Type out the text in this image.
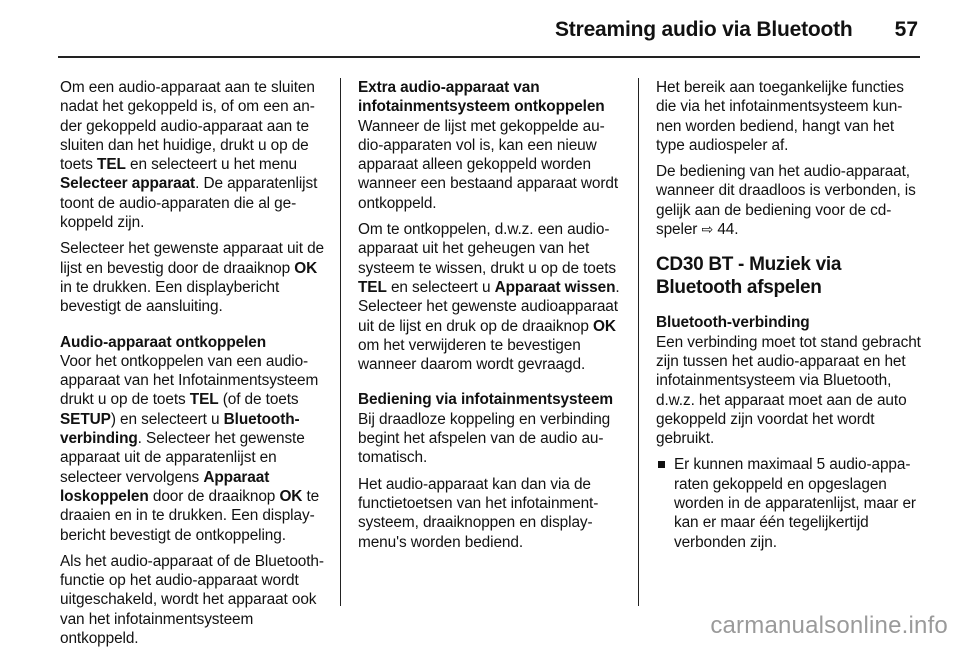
Streaming audio via Bluetooth 57

Om een audio-apparaat aan te sluiten nadat het gekoppeld is, of om een ander gekoppeld audio-apparaat aan te sluiten dan het huidige, drukt u op de toets TEL en selecteert u het menu Selecteer apparaat. De apparatenlijst toont de audio-apparaten die al gekoppeld zijn.

Selecteer het gewenste apparaat uit de lijst en bevestig door de draaiknop OK in te drukken. Een displaybericht bevestigt de aansluiting.

Audio-apparaat ontkoppelen
Voor het ontkoppelen van een audio-apparaat van het Infotainmentsysteem drukt u op de toets TEL (of de toets SETUP) en selecteert u Bluetooth-verbinding. Selecteer het gewenste apparaat uit de apparatenlijst en selecteer vervolgens Apparaat loskoppelen door de draaiknop OK te draaien en in te drukken. Een displaybericht bevestigt de ontkoppeling.

Als het audio-apparaat of de Bluetooth-functie op het audio-apparaat wordt uitgeschakeld, wordt het apparaat ook van het infotainmentsysteem ontkoppeld.

Extra audio-apparaat van infotainmentsysteem ontkoppelen
Wanneer de lijst met gekoppelde audio-apparaten vol is, kan een nieuw apparaat alleen gekoppeld worden wanneer een bestaand apparaat wordt ontkoppeld.

Om te ontkoppelen, d.w.z. een audio-apparaat uit het geheugen van het systeem te wissen, drukt u op de toets TEL en selecteert u Apparaat wissen. Selecteer het gewenste audioapparaat uit de lijst en druk op de draaiknop OK om het verwijderen te bevestigen wanneer daarom wordt gevraagd.

Bediening via infotainmentsysteem
Bij draadloze koppeling en verbinding begint het afspelen van de audio automatisch.

Het audio-apparaat kan dan via de functietoetsen van het infotainmentsysteem, draaiknoppen en displaymenu's worden bediend.

Het bereik aan toegankelijke functies die via het infotainmentsysteem kunnen worden bediend, hangt van het type audiospeler af.

De bediening van het audio-apparaat, wanneer dit draadloos is verbonden, is gelijk aan de bediening voor de cd-speler ⇨ 44.

CD30 BT - Muziek via Bluetooth afspelen

Bluetooth-verbinding
Een verbinding moet tot stand gebracht zijn tussen het audio-apparaat en het infotainmentsysteem via Bluetooth, d.w.z. het apparaat moet aan de auto gekoppeld zijn voordat het wordt gebruikt.

Er kunnen maximaal 5 audio-apparaten gekoppeld en opgeslagen worden in de apparatenlijst, maar er kan er maar één tegelijkertijd verbonden zijn.

carmanualsonline.info
